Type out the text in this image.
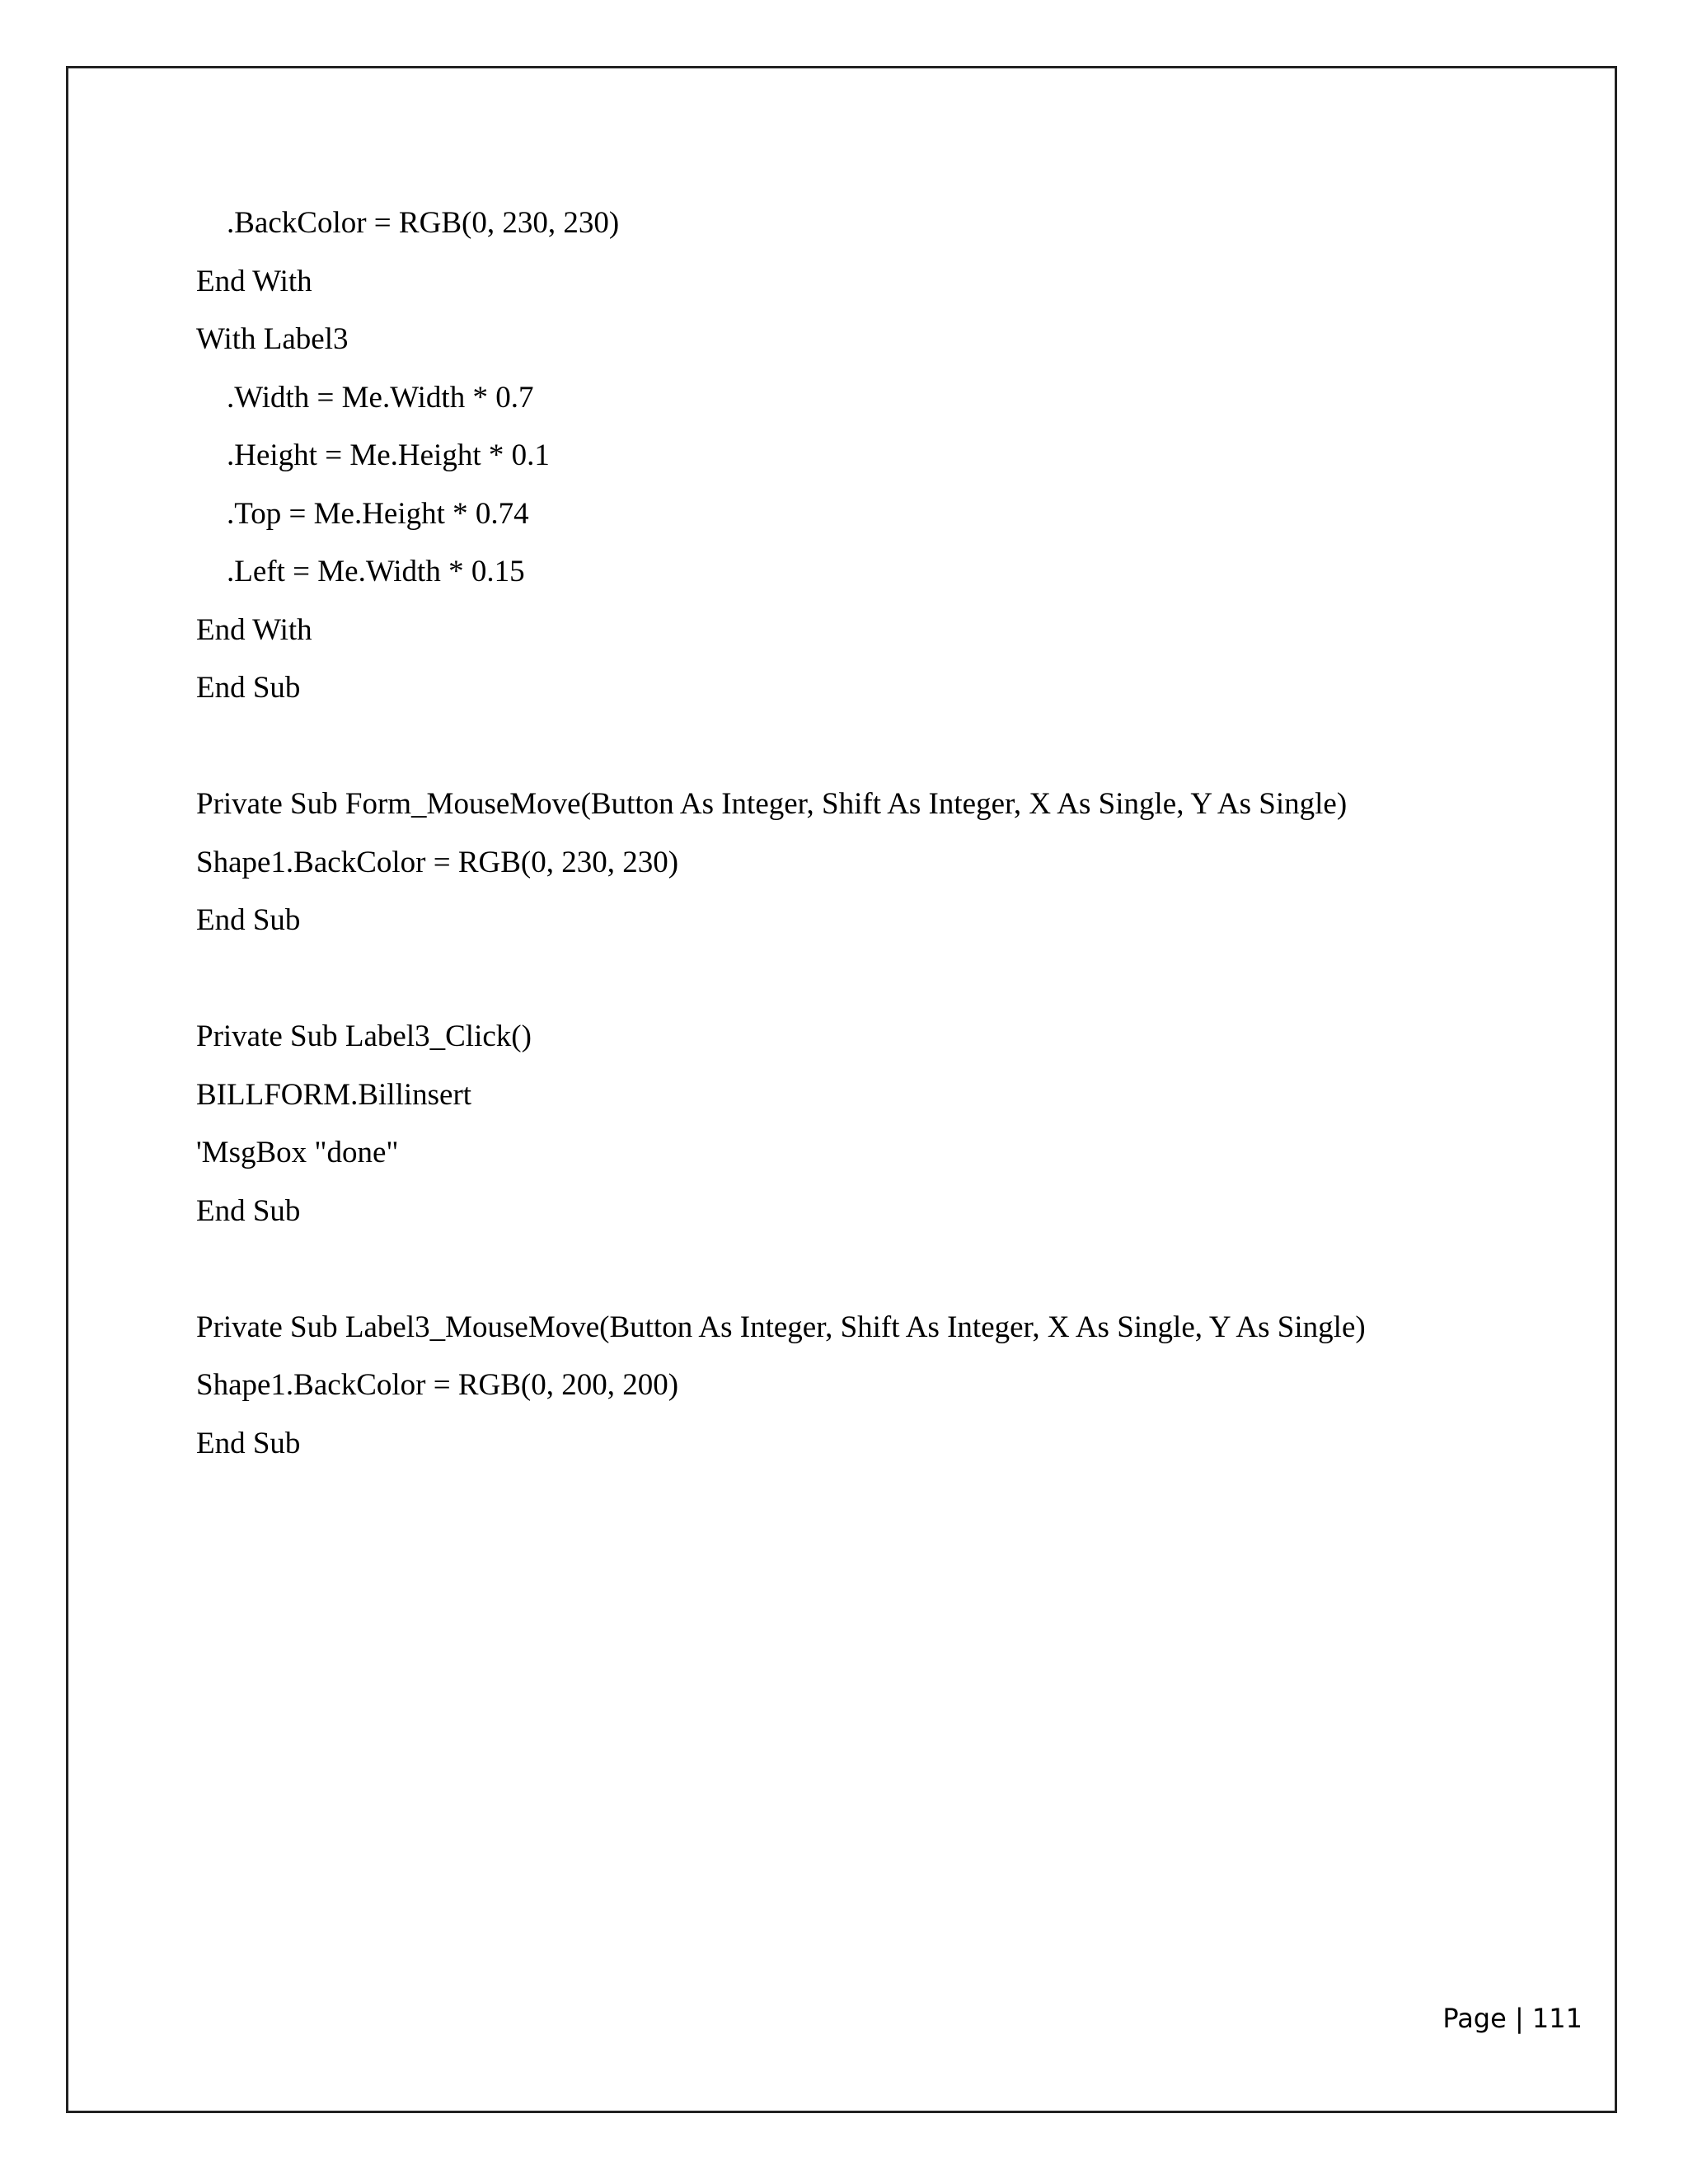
.BackColor = RGB(0, 230, 230)
End With
With Label3
.Width = Me.Width * 0.7
.Height = Me.Height * 0.1
.Top = Me.Height * 0.74
.Left = Me.Width * 0.15
End With
End Sub
Private Sub Form_MouseMove(Button As Integer, Shift As Integer, X As Single, Y As Single)
Shape1.BackColor = RGB(0, 230, 230)
End Sub
Private Sub Label3_Click()
BILLFORM.Billinsert
'MsgBox "done"
End Sub
Private Sub Label3_MouseMove(Button As Integer, Shift As Integer, X As Single, Y As Single)
Shape1.BackColor = RGB(0, 200, 200)
End Sub
Page | 111
